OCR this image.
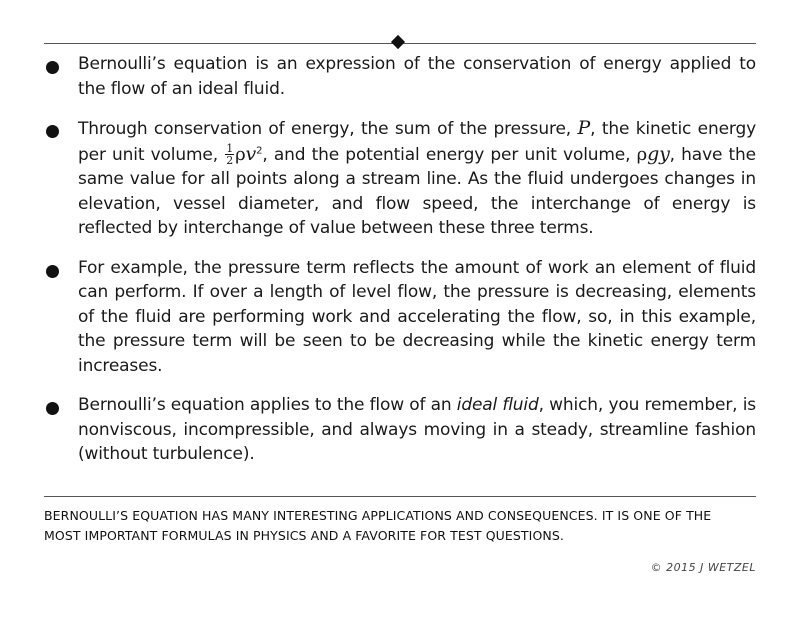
Bernoulli’s equation is an expression of the conservation of energy applied to the flow of an ideal fluid.
Through conservation of energy, the sum of the pressure, P, the kinetic energy per unit volume, $\frac{1}{2} \rho v^2$, and the potential energy per unit volume, ρgy, have the same value for all points along a stream line. As the fluid undergoes changes in elevation, vessel diameter, and flow speed, the interchange of energy is reflected by interchange of value between these three terms.
For example, the pressure term reflects the amount of work an element of fluid can perform. If over a length of level flow, the pressure is decreasing, elements of the fluid are performing work and accelerating the flow, so, in this example, the pressure term will be seen to be decreasing while the kinetic energy term increases.
Bernoulli’s equation applies to the flow of an ideal fluid, which, you remember, is nonviscous, incompressible, and always moving in a steady, streamline fashion (without turbulence).
BERNOULLI’S EQUATION HAS MANY INTERESTING APPLICATIONS AND CONSEQUENCES. IT IS ONE OF THE
MOST IMPORTANT FORMULAS IN PHYSICS AND A FAVORITE FOR TEST QUESTIONS.
© 2015 J WETZEL
